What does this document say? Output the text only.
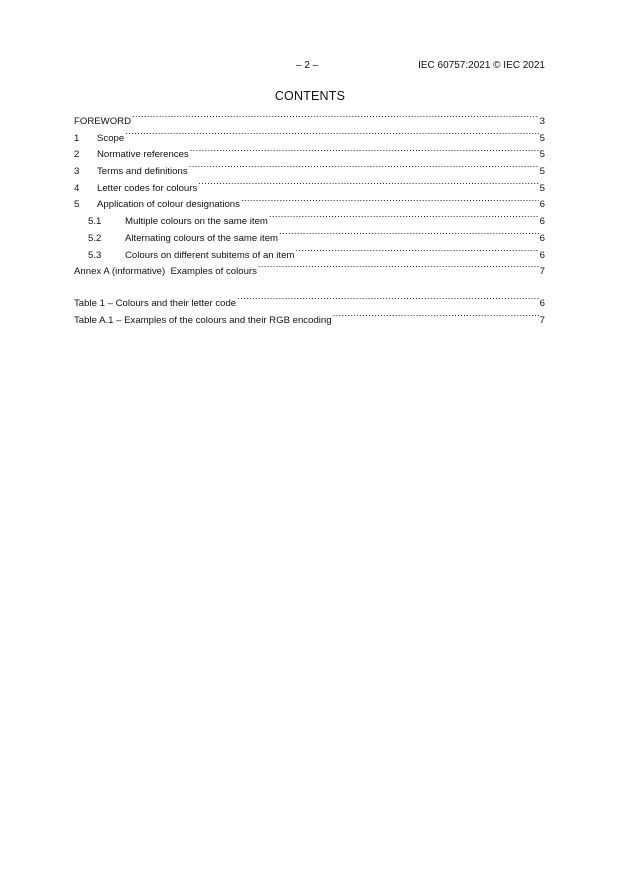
– 2 –	IEC 60757:2021 © IEC 2021
CONTENTS
FOREWORD .....	3
1	Scope .....	5
2	Normative references .....	5
3	Terms and definitions .....	5
4	Letter codes for colours .....	5
5	Application of colour designations .....	6
5.1	Multiple colours on the same item .....	6
5.2	Alternating colours of the same item .....	6
5.3	Colours on different subitems of an item .....	6
Annex A (informative)  Examples of colours .....	7
Table 1 – Colours and their letter code .....	6
Table A.1 – Examples of the colours and their RGB encoding .....	7
